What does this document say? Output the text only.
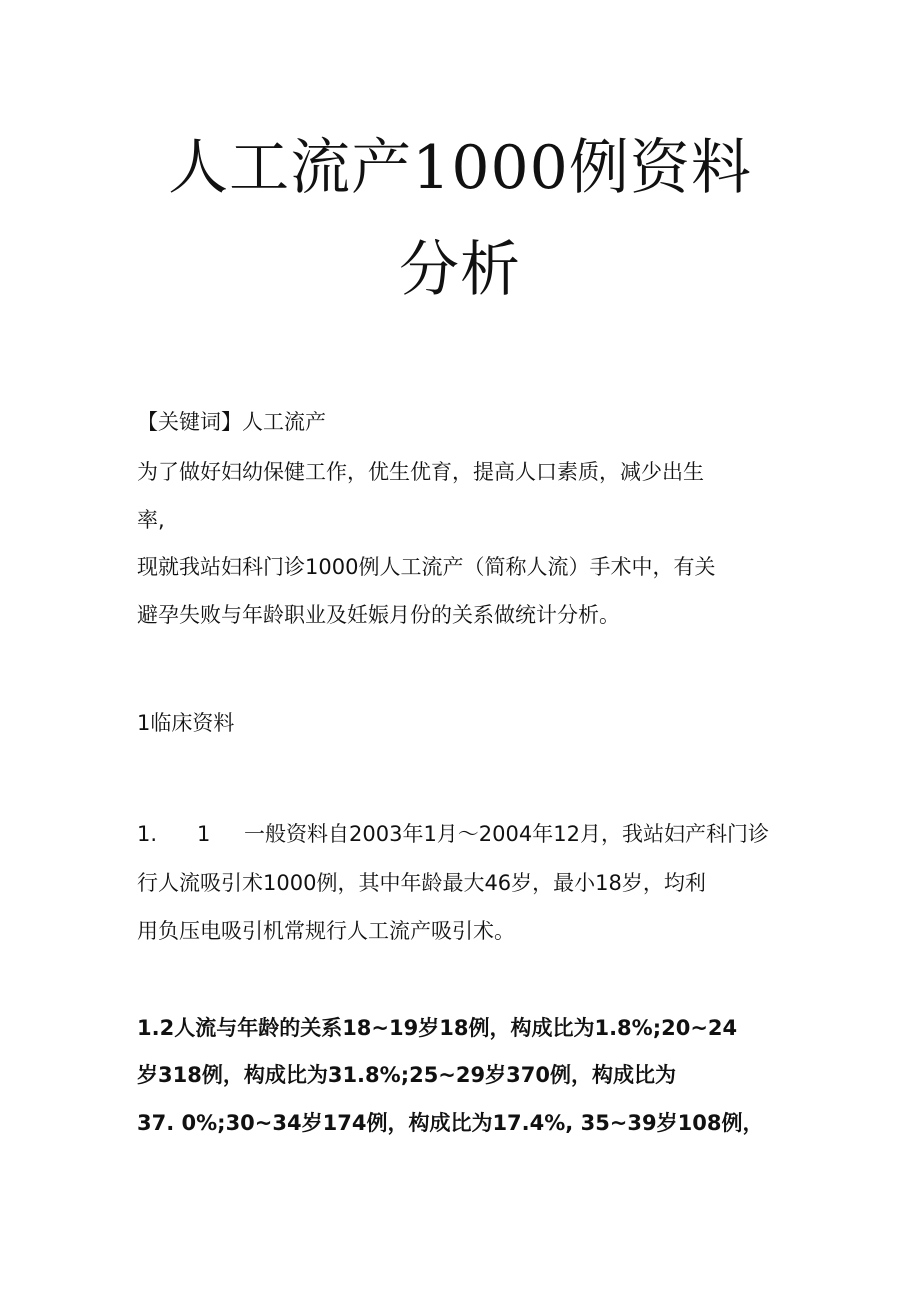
人工流产1000例资料
分析

【关键词】人工流产

为了做好妇幼保健工作，优生优育，提高人口素质，减少出生

率,

现就我站妇科门诊1000例人工流产（简称人流）手术中，有关

避孕失败与年龄职业及妊娠月份的关系做统计分析。

1临床资料

1. 1 一般资料自2003年1月～2004年12月，我站妇产科门诊

行人流吸引术1000例，其中年龄最大46岁，最小18岁，均利

用负压电吸引机常规行人工流产吸引术。

1.2人流与年龄的关系18~19岁18例，构成比为1.8%;20~24

岁318例，构成比为31.8%;25~29岁370例，构成比为

37. 0%;30~34岁174例，构成比为17.4%, 35~39岁108例，
